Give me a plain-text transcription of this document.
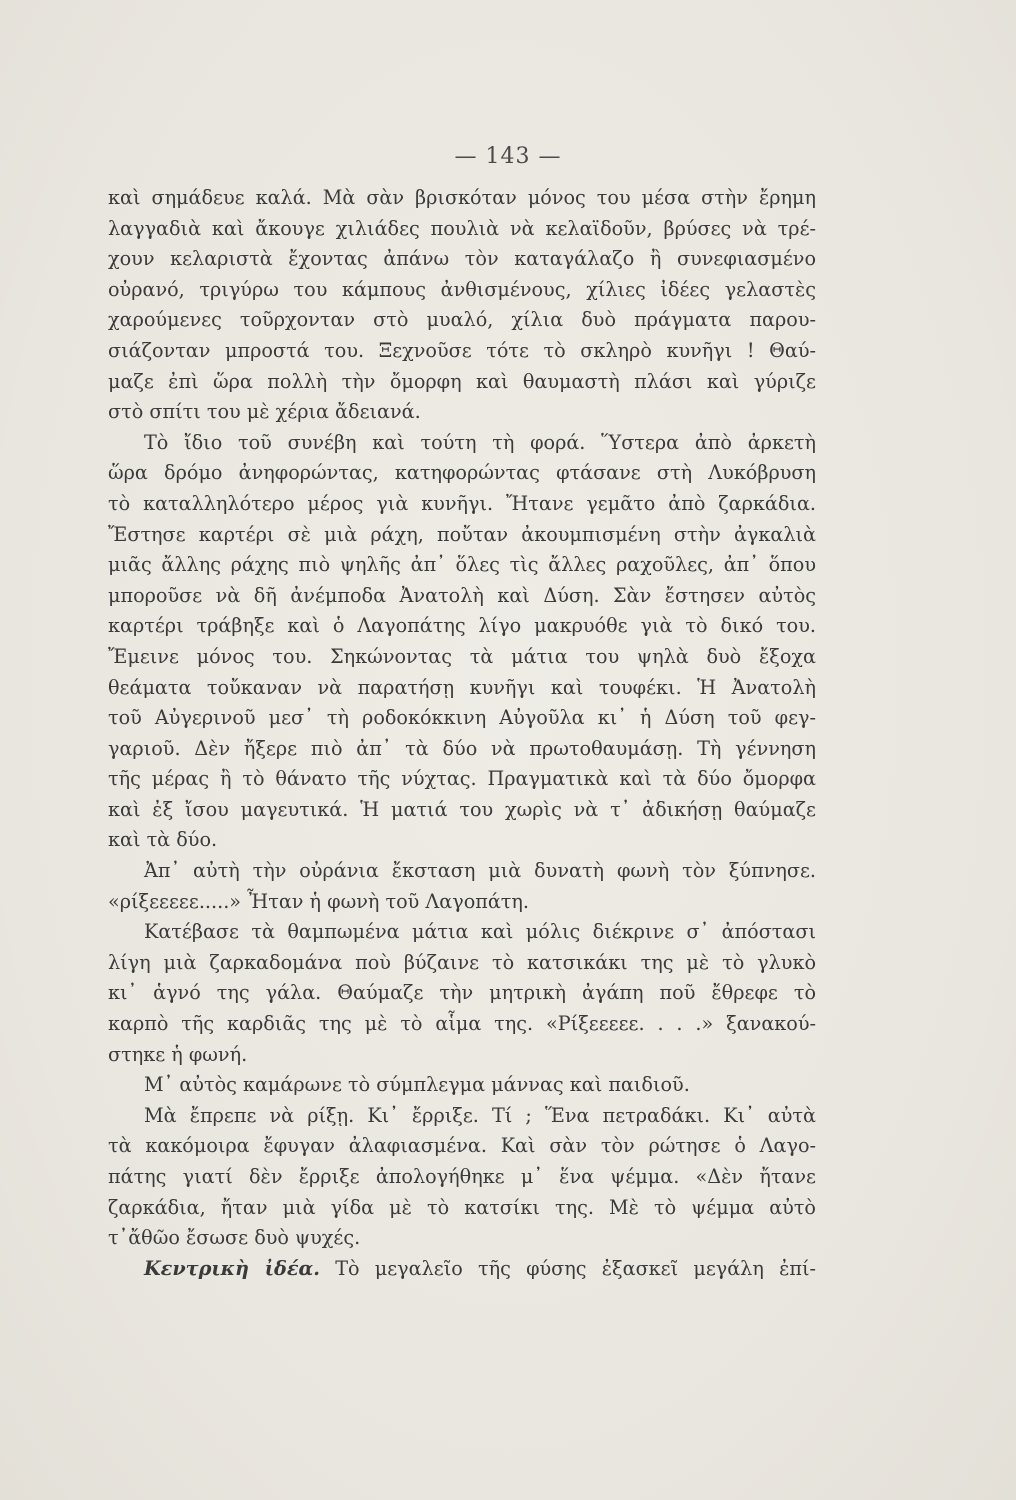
— 143 —
καὶ σημάδευε καλά. Μὰ σὰν βρισκόταν μόνος του μέσα στὴν ἔρημη
λαγγαδιὰ καὶ ἄκουγε χιλιάδες πουλιὰ νὰ κελαϊδοῦν, βρύσες νὰ τρέ-
χουν κελαριστὰ ἔχοντας ἀπάνω τὸν καταγάλαζο ἢ συνεφιασμένο
οὐρανό, τριγύρω του κάμπους ἀνθισμένους, χίλιες ἰδέες γελαστὲς
χαρούμενες τοῦρχονταν στὸ μυαλό, χίλια δυὸ πράγματα παρου-
σιάζονταν μπροστά του. Ξεχνοῦσε τότε τὸ σκληρὸ κυνῆγι ! Θαύ-
μαζε ἐπὶ ὥρα πολλὴ τὴν ὄμορφη καὶ θαυμαστὴ πλάσι καὶ γύριζε
στὸ σπίτι του μὲ χέρια ἄδειανά.
Τὸ ἴδιο τοῦ συνέβη καὶ τούτη τὴ φορά. Ὕστερα ἀπὸ ἀρκετὴ
ὥρα δρόμο ἀνηφορώντας, κατηφορώντας φτάσανε στὴ Λυκόβρυση
τὸ καταλληλότερο μέρος γιὰ κυνῆγι. Ἤτανε γεμᾶτο ἀπὸ ζαρκάδια.
Ἔστησε καρτέρι σὲ μιὰ ράχη, ποὔταν ἀκουμπισμένη στὴν ἀγκαλιὰ
μιᾶς ἄλλης ράχης πιὸ ψηλῆς ἀπ᾽ ὅλες τὶς ἄλλες ραχοῦλες, ἀπ᾽ ὅπου
μποροῦσε νὰ δῆ ἀνέμποδα Ἀνατολὴ καὶ Δύση. Σὰν ἔστησεν αὐτὸς
καρτέρι τράβηξε καὶ ὁ Λαγοπάτης λίγο μακρυόθε γιὰ τὸ δικό του.
Ἔμεινε μόνος του. Σηκώνοντας τὰ μάτια του ψηλὰ δυὸ ἔξοχα
θεάματα τοὔκαναν νὰ παρατήσῃ κυνῆγι καὶ τουφέκι. Ἡ Ἀνατολὴ
τοῦ Αὐγερινοῦ μεσ᾽ τὴ ροδοκόκκινη Αὐγοῦλα κι᾽ ἡ Δύση τοῦ φεγ-
γαριοῦ. Δὲν ἤξερε πιὸ ἀπ᾽ τὰ δύο νὰ πρωτοθαυμάσῃ. Τὴ γέννηση
τῆς μέρας ἢ τὸ θάνατο τῆς νύχτας. Πραγματικὰ καὶ τὰ δύο ὄμορφα
καὶ ἐξ ἴσου μαγευτικά. Ἡ ματιά του χωρὶς νὰ τ᾽ ἀδικήσῃ θαύμαζε
καὶ τὰ δύο.
Ἀπ᾽ αὐτὴ τὴν οὐράνια ἔκσταση μιὰ δυνατὴ φωνὴ τὸν ξύπνησε.
«ρίξεεεεε.....» Ἦταν ἡ φωνὴ τοῦ Λαγοπάτη.
Κατέβασε τὰ θαμπωμένα μάτια καὶ μόλις διέκρινε σ᾽ ἀπόστασι
λίγη μιὰ ζαρκαδομάνα ποὺ βύζαινε τὸ κατσικάκι της μὲ τὸ γλυκὸ
κι᾽ ἁγνό της γάλα. Θαύμαζε τὴν μητρικὴ ἀγάπη ποῦ ἔθρεφε τὸ
καρπὸ τῆς καρδιᾶς της μὲ τὸ αἷμα της. «Ρίξεεεεε. . . .» ξανακού-
στηκε ἡ φωνή.
Μ᾽ αὐτὸς καμάρωνε τὸ σύμπλεγμα μάννας καὶ παιδιοῦ.
Μὰ ἔπρεπε νὰ ρίξῃ. Κι᾽ ἔρριξε. Τί ; Ἕνα πετραδάκι. Κι᾽ αὐτὰ
τὰ κακόμοιρα ἔφυγαν ἀλαφιασμένα. Καὶ σὰν τὸν ρώτησε ὁ Λαγο-
πάτης γιατί δὲν ἔρριξε ἀπολογήθηκε μ᾽ ἕνα ψέμμα. «Δὲν ἤτανε
ζαρκάδια, ἤταν μιὰ γίδα μὲ τὸ κατσίκι της. Μὲ τὸ ψέμμα αὐτὸ
τ᾽ἄθῶο ἔσωσε δυὸ ψυχές.
Κεντρικὴ ἰδέα. Τὸ μεγαλεῖο τῆς φύσης ἐξασκεῖ μεγάλη ἐπί-
